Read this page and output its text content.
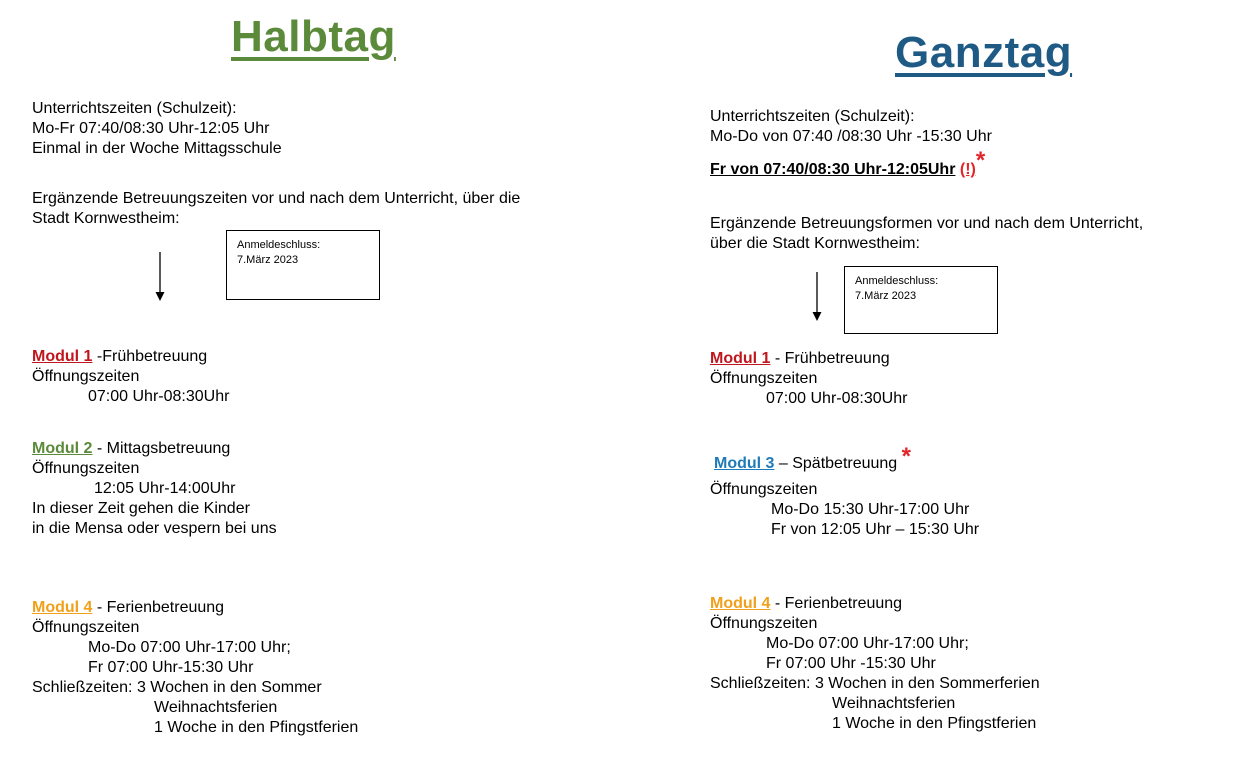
Halbtag
Unterrichtszeiten (Schulzeit):
Mo-Fr 07:40/08:30 Uhr-12:05 Uhr
Einmal in der Woche Mittagsschule
Ergänzende Betreuungszeiten vor und nach dem Unterricht, über die
Stadt Kornwestheim:
Anmeldeschluss:
7.März 2023
Modul 1 -Frühbetreuung
Öffnungszeiten
07:00 Uhr-08:30Uhr
Modul 2 - Mittagsbetreuung
Öffnungszeiten
12:05 Uhr-14:00Uhr
In dieser Zeit gehen die Kinder
in die Mensa oder vespern bei uns
Modul 4 - Ferienbetreuung
Öffnungszeiten
Mo-Do 07:00 Uhr-17:00 Uhr;
Fr 07:00 Uhr-15:30 Uhr
Schließzeiten: 3 Wochen in den Sommer
Weihnachtsferien
1 Woche in den Pfingstferien
Ganztag
Unterrichtszeiten (Schulzeit):
Mo-Do von 07:40 /08:30 Uhr -15:30 Uhr
Fr von 07:40/08:30 Uhr-12:05Uhr (!)*
Ergänzende Betreuungsformen vor und nach dem Unterricht,
über die Stadt Kornwestheim:
Anmeldeschluss:
7.März 2023
Modul 1 - Frühbetreuung
Öffnungszeiten
07:00 Uhr-08:30Uhr
Modul 3 – Spätbetreuung *
Öffnungszeiten
Mo-Do 15:30 Uhr-17:00 Uhr
Fr von 12:05 Uhr – 15:30 Uhr
Modul 4 - Ferienbetreuung
Öffnungszeiten
Mo-Do 07:00 Uhr-17:00 Uhr;
Fr 07:00 Uhr -15:30 Uhr
Schließzeiten: 3 Wochen in den Sommerferien
Weihnachtsferien
1 Woche in den Pfingstferien
